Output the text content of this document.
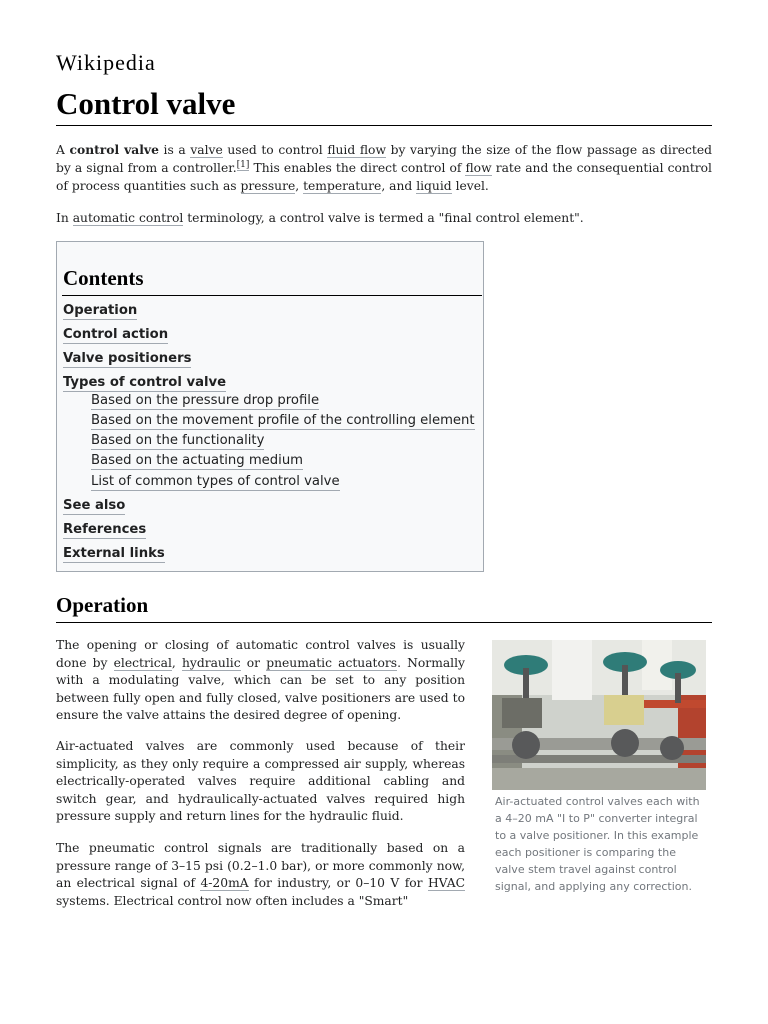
Wikipedia
Control valve

A control valve is a valve used to control fluid flow by varying the size of the flow passage as directed by a signal from a controller.[1] This enables the direct control of flow rate and the consequential control of process quantities such as pressure, temperature, and liquid level.

In automatic control terminology, a control valve is termed a "final control element".

Contents
Operation
Control action
Valve positioners
Types of control valve
Based on the pressure drop profile
Based on the movement profile of the controlling element
Based on the functionality
Based on the actuating medium
List of common types of control valve
See also
References
External links
Operation

The opening or closing of automatic control valves is usually done by electrical, hydraulic or pneumatic actuators. Normally with a modulating valve, which can be set to any position between fully open and fully closed, valve positioners are used to ensure the valve attains the desired degree of opening.

Air-actuated valves are commonly used because of their simplicity, as they only require a compressed air supply, whereas electrically-operated valves require additional cabling and switch gear, and hydraulically-actuated valves required high pressure supply and return lines for the hydraulic fluid.

The pneumatic control signals are traditionally based on a pressure range of 3–15 psi (0.2–1.0 bar), or more commonly now, an electrical signal of 4-20mA for industry, or 0–10 V for HVAC systems. Electrical control now often includes a "Smart"

Air-actuated control valves each with a 4–20 mA "I to P" converter integral to a valve positioner. In this example each positioner is comparing the valve stem travel against control signal, and applying any correction.
